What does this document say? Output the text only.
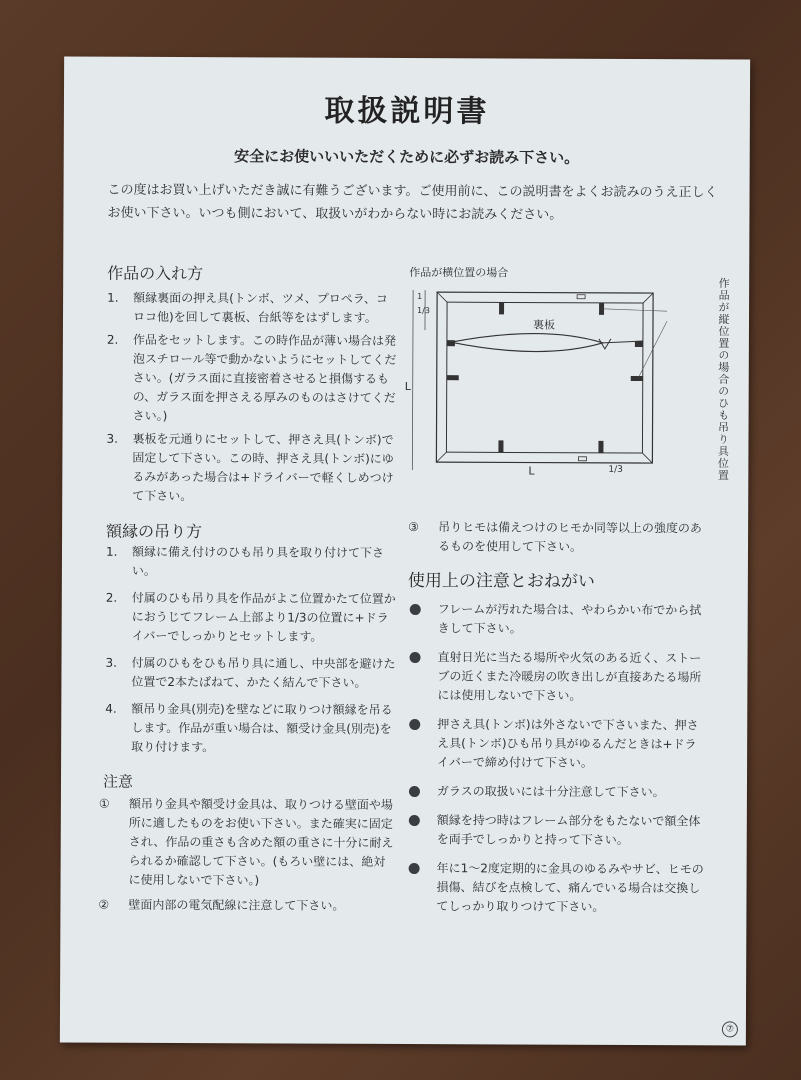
取扱説明書
安全にお使いいいただくために必ずお読み下さい。
この度はお買い上げいただき誠に有難うございます。ご使用前に、この説明書をよくお読みのうえ正しくお使い下さい。いつも側において、取扱いがわからない時にお読みください。
作品の入れ方
1. 額縁裏面の押え具(トンボ、ツメ、プロペラ、コロコ他)を回して裏板、台紙等をはずします。
2. 作品をセットします。この時作品が薄い場合は発泡スチロール等で動かないようにセットしてください。(ガラス面に直接密着させると損傷するもの、ガラス面を押さえる厚みのものはさけてください。)
3. 裏板を元通りにセットして、押さえ具(トンボ)で固定して下さい。この時、押さえ具(トンボ)にゆるみがあった場合は+ドライバーで軽くしめつけて下さい。
作品が横位置の場合
L
1
1/3
L	1/3
裏板	作品が縦位置の場合のひも吊り具位置
額縁の吊り方
1. 額縁に備え付けのひも吊り具を取り付けて下さい。
2. 付属のひも吊り具を作品がよこ位置かたて位置かにおうじてフレーム上部より1/3の位置に+ドライバーでしっかりとセットします。
3. 付属のひもをひも吊り具に通し、中央部を避けた位置で2本たばねて、かたく結んで下さい。
4. 額吊り金具(別売)を壁などに取りつけ額縁を吊るします。作品が重い場合は、額受け金具(別売)を取り付けます。
注意
① 額吊り金具や額受け金具は、取りつける壁面や場所に適したものをお使い下さい。また確実に固定され、作品の重さも含めた額の重さに十分に耐えられるか確認して下さい。(もろい壁には、絶対に使用しないで下さい。)
② 壁面内部の電気配線に注意して下さい。
③ 吊りヒモは備えつけのヒモか同等以上の強度のあるものを使用して下さい。
使用上の注意とおねがい
フレームが汚れた場合は、やわらかい布でから拭きして下さい。
直射日光に当たる場所や火気のある近く、ストーブの近くまた冷暖房の吹き出しが直接あたる場所には使用しないで下さい。
押さえ具(トンボ)は外さないで下さいまた、押さえ具(トンボ)ひも吊り具がゆるんだときは+ドライバーで締め付けて下さい。
ガラスの取扱いには十分注意して下さい。
額縁を持つ時はフレーム部分をもたないで額全体を両手でしっかりと持って下さい。
年に1～2度定期的に金具のゆるみやサビ、ヒモの損傷、結びを点検して、痛んでいる場合は交換してしっかり取りつけて下さい。
⑦
